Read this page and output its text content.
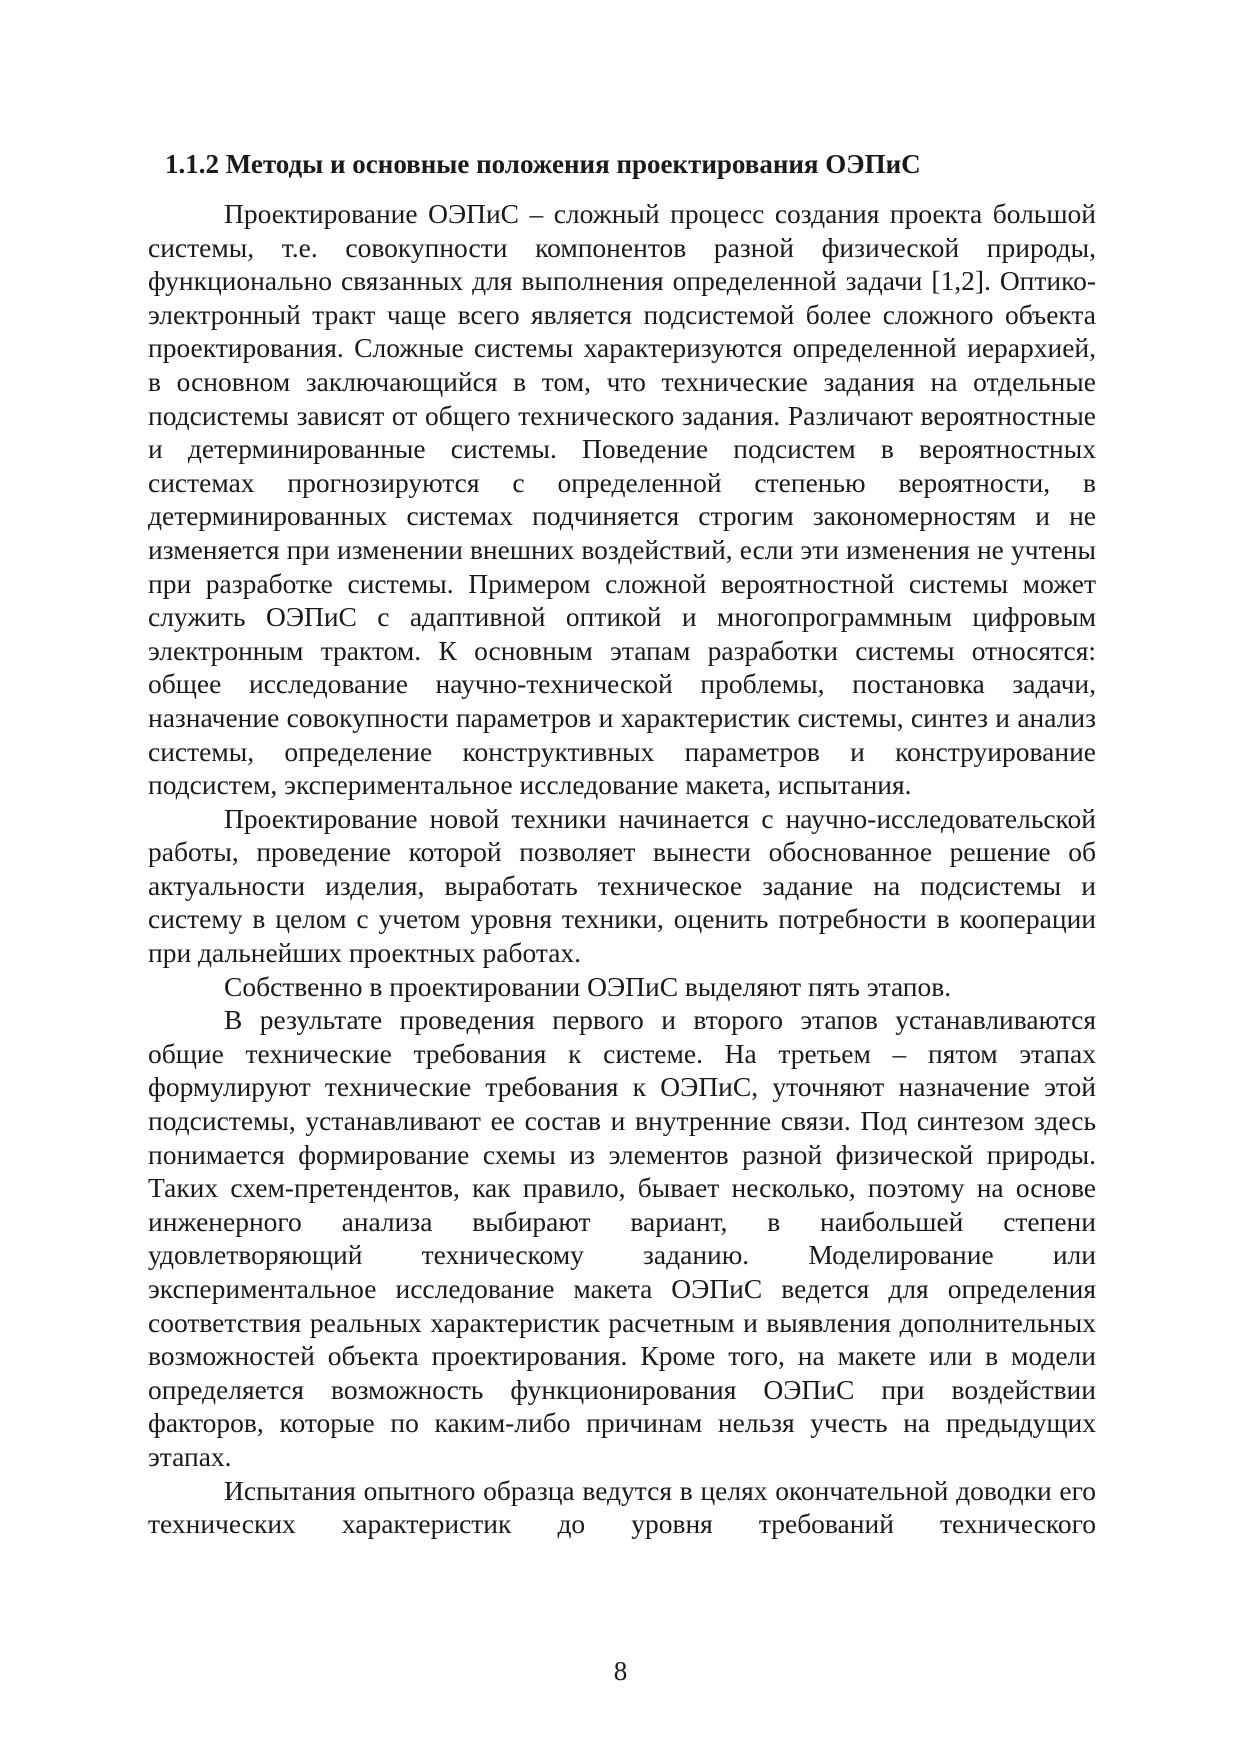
1.1.2 Методы и основные положения проектирования ОЭПиС

Проектирование ОЭПиС – сложный процесс создания проекта большой системы, т.е. совокупности компонентов разной физической природы, функционально связанных для выполнения определенной задачи [1,2]. Оптико-электронный тракт чаще всего является подсистемой более сложного объекта проектирования. Сложные системы характеризуются определенной иерархией, в основном заключающийся в том, что технические задания на отдельные подсистемы зависят от общего технического задания. Различают вероятностные и детерминированные системы. Поведение подсистем в вероятностных системах прогнозируются с определенной степенью вероятности, в детерминированных системах подчиняется строгим закономерностям и не изменяется при изменении внешних воздействий, если эти изменения не учтены при разработке системы. Примером сложной вероятностной системы может служить ОЭПиС с адаптивной оптикой и многопрограммным цифровым электронным трактом. К основным этапам разработки системы относятся: общее исследование научно-технической проблемы, постановка задачи, назначение совокупности параметров и характеристик системы, синтез и анализ системы, определение конструктивных параметров и конструирование подсистем, экспериментальное исследование макета, испытания.

Проектирование новой техники начинается с научно-исследовательской работы, проведение которой позволяет вынести обоснованное решение об актуальности изделия, выработать техническое задание на подсистемы и систему в целом с учетом уровня техники, оценить потребности в кооперации при дальнейших проектных работах.

Собственно в проектировании ОЭПиС выделяют пять этапов.

В результате проведения первого и второго этапов устанавливаются общие технические требования к системе. На третьем – пятом этапах формулируют технические требования к ОЭПиС, уточняют назначение этой подсистемы, устанавливают ее состав и внутренние связи. Под синтезом здесь понимается формирование схемы из элементов разной физической природы. Таких схем-претендентов, как правило, бывает несколько, поэтому на основе инженерного анализа выбирают вариант, в наибольшей степени удовлетворяющий техническому заданию. Моделирование или экспериментальное исследование макета ОЭПиС ведется для определения соответствия реальных характеристик расчетным и выявления дополнительных возможностей объекта проектирования. Кроме того, на макете или в модели определяется возможность функционирования ОЭПиС при воздействии факторов, которые по каким-либо причинам нельзя учесть на предыдущих этапах.

Испытания опытного образца ведутся в целях окончательной доводки его технических характеристик до уровня требований технического

8
